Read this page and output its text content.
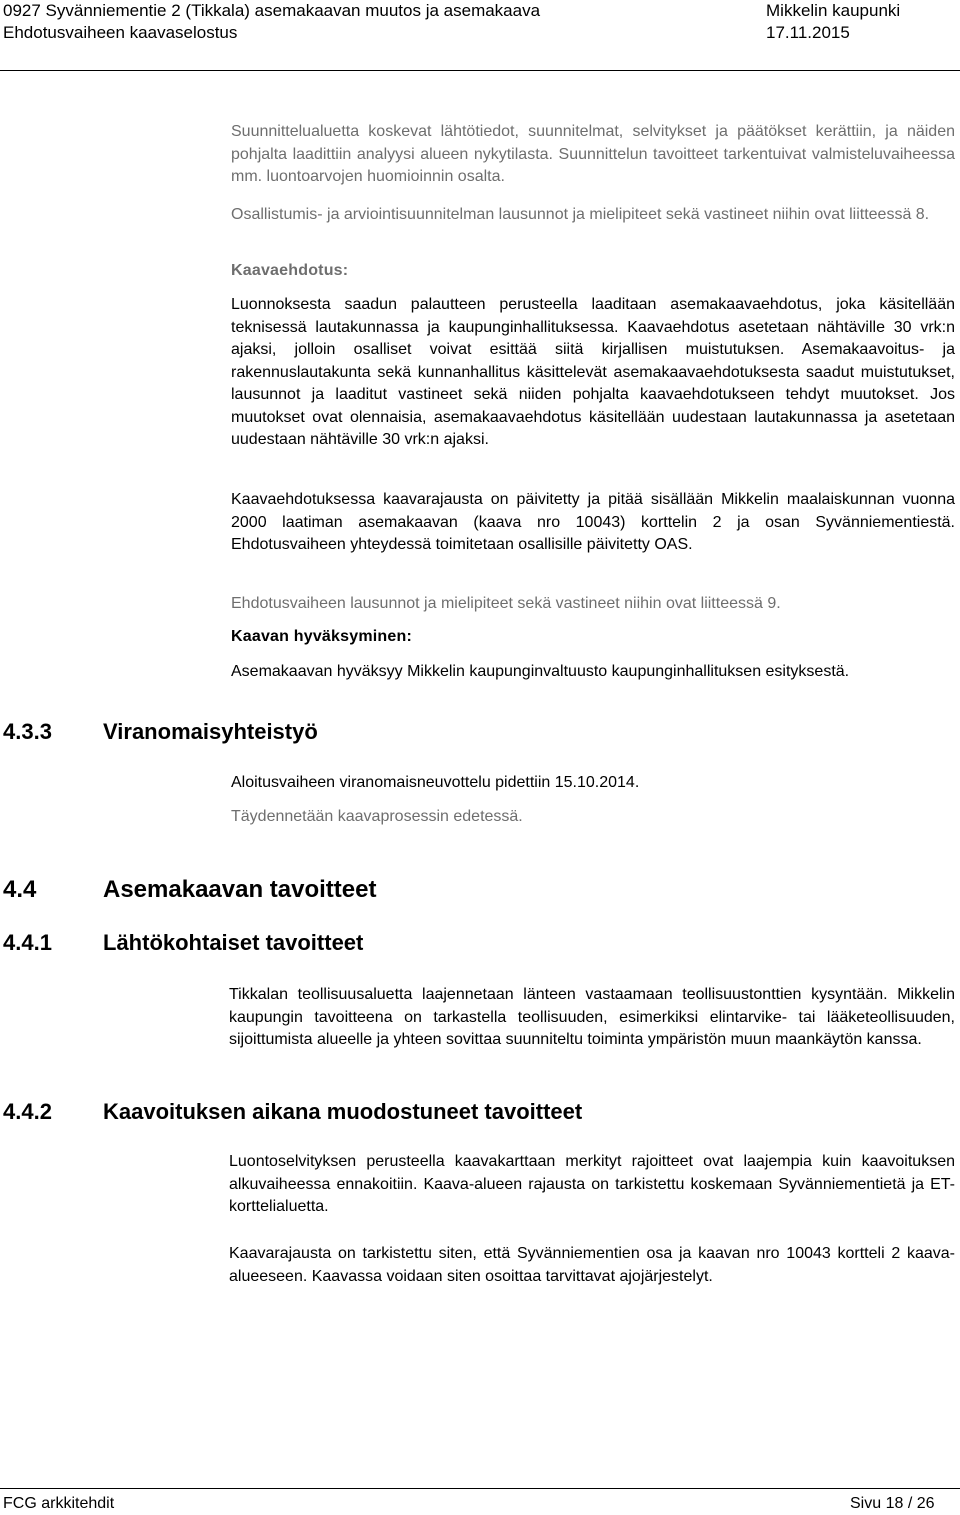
0927 Syvänniementie 2 (Tikkala) asemakaavan muutos ja asemakaava
Ehdotusvaiheen kaavaselostus
Mikkelin kaupunki
17.11.2015
Suunnittelualuetta koskevat lähtötiedot, suunnitelmat, selvitykset ja päätökset kerättiin, ja näiden pohjalta laadittiin analyysi alueen nykytilasta. Suunnittelun tavoitteet tarkentuivat valmisteluvaiheessa mm. luontoarvojen huomioinnin osalta.
Osallistumis- ja arviointisuunnitelman lausunnot ja mielipiteet sekä vastineet niihin ovat liitteessä 8.
Kaavaehdotus:
Luonnoksesta saadun palautteen perusteella laaditaan asemakaavaehdotus, joka käsitellään teknisessä lautakunnassa ja kaupunginhallituksessa. Kaavaehdotus asetetaan nähtäville 30 vrk:n ajaksi, jolloin osalliset voivat esittää siitä kirjallisen muistutuksen. Asemakaavoitus- ja rakennuslautakunta sekä kunnanhallitus käsittelevät asemakaavaehdotuksesta saadut muistutukset, lausunnot ja laaditut vastineet sekä niiden pohjalta kaavaehdotukseen tehdyt muutokset. Jos muutokset ovat olennaisia, asemakaavaehdotus käsitellään uudestaan lautakunnassa ja asetetaan uudestaan nähtäville 30 vrk:n ajaksi.
Kaavaehdotuksessa kaavarajausta on päivitetty ja pitää sisällään Mikkelin maalaiskunnan vuonna 2000 laatiman asemakaavan (kaava nro 10043) korttelin 2 ja osan Syvänniementiestä. Ehdotusvaiheen yhteydessä toimitetaan osallisille päivitetty OAS.
Ehdotusvaiheen lausunnot ja mielipiteet sekä vastineet niihin ovat liitteessä 9.
Kaavan hyväksyminen:
Asemakaavan hyväksyy Mikkelin kaupunginvaltuusto kaupunginhallituksen esityksestä.
4.3.3 Viranomaisyhteistyö
Aloitusvaiheen viranomaisneuvottelu pidettiin 15.10.2014.
Täydennetään kaavaprosessin edetessä.
4.4	Asemakaavan tavoitteet
4.4.1 Lähtökohtaiset tavoitteet
Tikkalan teollisuusaluetta laajennetaan länteen vastaamaan teollisuustonttien kysyntään. Mikkelin kaupungin tavoitteena on tarkastella teollisuuden, esimerkiksi elintarvike- tai lääketeollisuuden, sijoittumista alueelle ja yhteen sovittaa suunniteltu toiminta ympäristön muun maankäytön kanssa.
4.4.2 Kaavoituksen aikana muodostuneet tavoitteet
Luontoselvityksen perusteella kaavakarttaan merkityt rajoitteet ovat laajempia kuin kaavoituksen alkuvaiheessa ennakoitiin. Kaava-alueen rajausta on tarkistettu koskemaan Syvänniementietä ja ET-korttelialuetta.
Kaavarajausta on tarkistettu siten, että Syvänniementien osa ja kaavan nro 10043 kortteli 2 kaava-alueeseen. Kaavassa voidaan siten osoittaa tarvittavat ajojärjestelyt.
FCG arkkitehdit	Sivu 18 / 26
